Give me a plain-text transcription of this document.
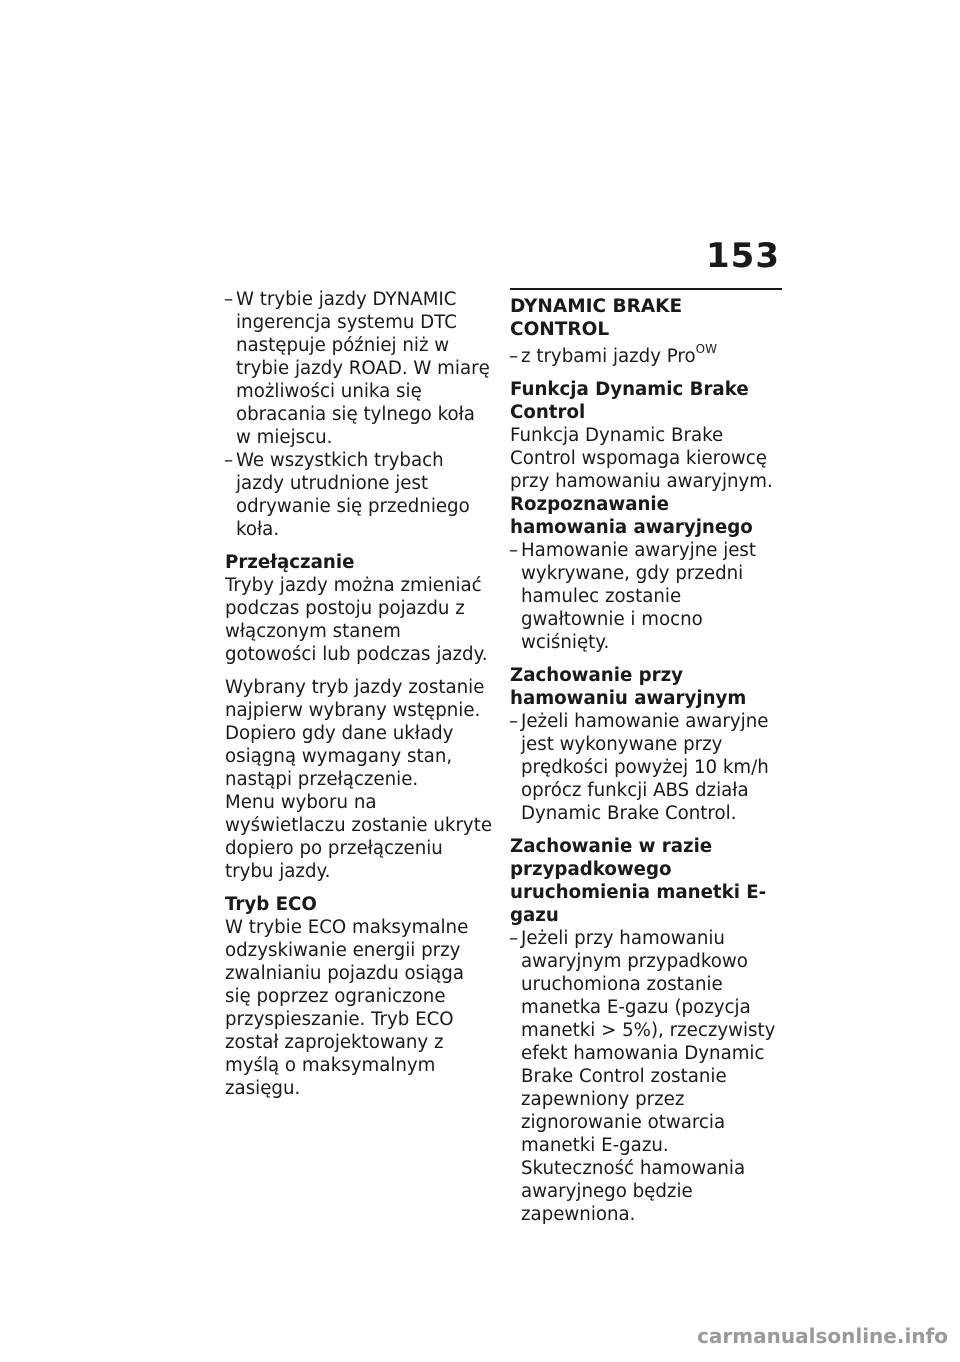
153
– W trybie jazdy DYNAMIC ingerencja systemu DTC następuje później niż w trybie jazdy ROAD. W miarę możliwości unika się obracania się tylnego koła w miejscu.
– We wszystkich trybach jazdy utrudnione jest odrywanie się przedniego koła.

Przełączanie

Tryby jazdy można zmieniać podczas postoju pojazdu z włączonym stanem gotowości lub podczas jazdy.

Wybrany tryb jazdy zostanie najpierw wybrany wstępnie. Dopiero gdy dane układy osiągną wymagany stan, nastąpi przełączenie.

Menu wyboru na wyświetlaczu zostanie ukryte dopiero po przełączeniu trybu jazdy.

Tryb ECO

W trybie ECO maksymalne odzyskiwanie energii przy zwalnianiu pojazdu osiąga się poprzez ograniczone przyspieszanie. Tryb ECO został zaprojektowany z myślą o maksymalnym zasięgu.

DYNAMIC BRAKE CONTROL
– z trybami jazdy Pro$^{OW}$

Funkcja Dynamic Brake Control

Funkcja Dynamic Brake Control wspomaga kierowcę przy hamowaniu awaryjnym.

Rozpoznawanie hamowania awaryjnego

– Hamowanie awaryjne jest wykrywane, gdy przedni hamulec zostanie gwałtownie i mocno wciśnięty.

Zachowanie przy hamowaniu awaryjnym

– Jeżeli hamowanie awaryjne jest wykonywane przy prędkości powyżej 10 km/h oprócz funkcji ABS działa Dynamic Brake Control.

Zachowanie w razie przypadkowego uruchomienia manetki E-gazu

– Jeżeli przy hamowaniu awaryjnym przypadkowo uruchomiona zostanie manetka E-gazu (pozycja manetki > 5%), rzeczywisty efekt hamowania Dynamic Brake Control zostanie zapewniony przez zignorowanie otwarcia manetki E-gazu. Skuteczność hamowania awaryjnego będzie zapewniona.
carmanualsonline.info
